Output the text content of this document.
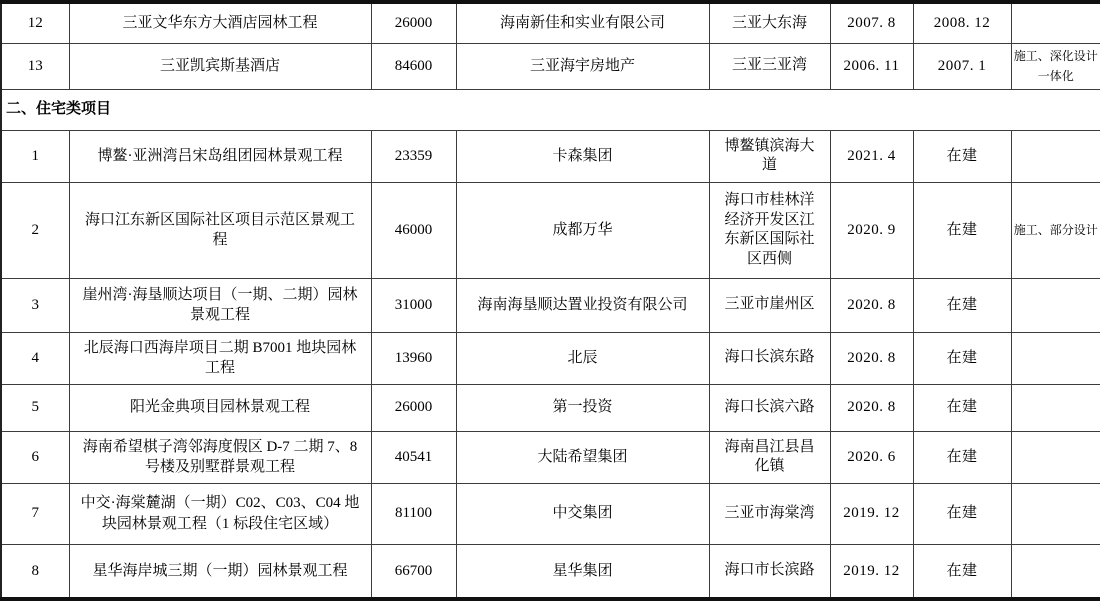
12	三亚文华东方大酒店园林工程	26000	海南新佳和实业有限公司	三亚大东海	2007. 8	2008. 12	
13	三亚凯宾斯基酒店	84600	三亚海宇房地产	三亚三亚湾	2006. 11	2007. 1	施工、深化设计一体化
二、住宅类项目							
1	博鳌·亚洲湾吕宋岛组团园林景观工程	23359	卡森集团	博鳌镇滨海大道	2021. 4	在建	
2	海口江东新区国际社区项目示范区景观工程	46000	成都万华	海口市桂林洋经济开发区江东新区国际社区西侧	2020. 9	在建	施工、部分设计
3	崖州湾·海垦顺达项目（一期、二期）园林景观工程	31000	海南海垦顺达置业投资有限公司	三亚市崖州区	2020. 8	在建	
4	北辰海口西海岸项目二期 B7001 地块园林工程	13960	北辰	海口长滨东路	2020. 8	在建	
5	阳光金典项目园林景观工程	26000	第一投资	海口长滨六路	2020. 8	在建	
6	海南希望棋子湾邻海度假区 D-7 二期 7、8 号楼及别墅群景观工程	40541	大陆希望集团	海南昌江县昌化镇	2020. 6	在建	
7	中交·海棠麓湖（一期）C02、C03、C04 地块园林景观工程（1 标段住宅区域）	81100	中交集团	三亚市海棠湾	2019. 12	在建	
8	星华海岸城三期（一期）园林景观工程	66700	星华集团	海口市长滨路	2019. 12	在建	
